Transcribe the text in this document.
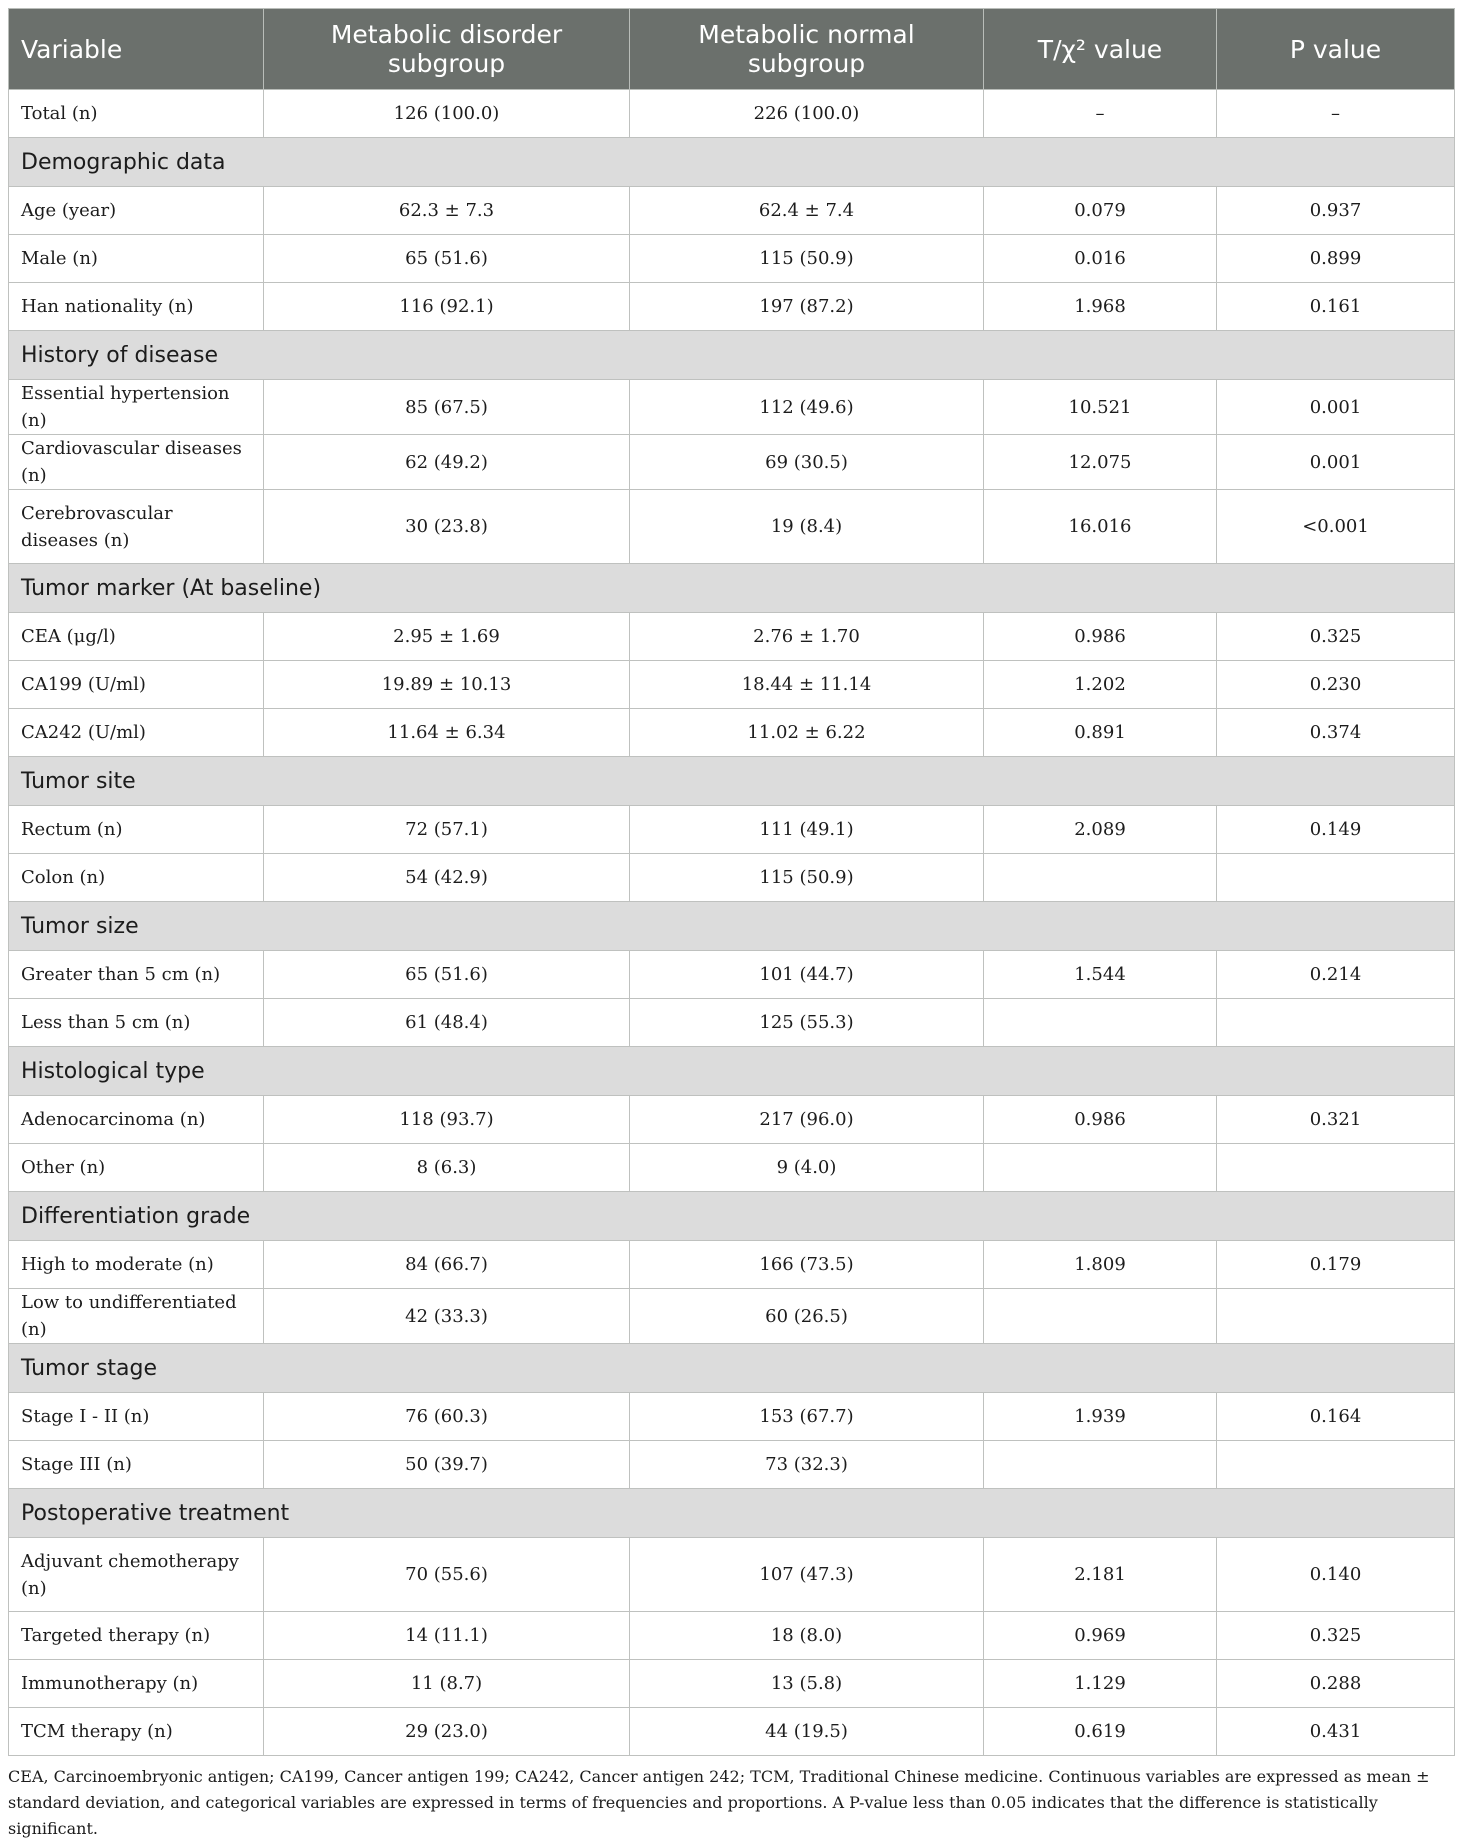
Variable	Metabolic disorder subgroup	Metabolic normal subgroup	T/χ² value	P value
Total (n)	126 (100.0)	226 (100.0)	–	–
Demographic data				
Age (year)	62.3 ± 7.3	62.4 ± 7.4	0.079	0.937
Male (n)	65 (51.6)	115 (50.9)	0.016	0.899
Han nationality (n)	116 (92.1)	197 (87.2)	1.968	0.161
History of disease				
Essential hypertension (n)	85 (67.5)	112 (49.6)	10.521	0.001
Cardiovascular diseases (n)	62 (49.2)	69 (30.5)	12.075	0.001
Cerebrovascular diseases (n)	30 (23.8)	19 (8.4)	16.016	<0.001
Tumor marker (At baseline)				
CEA (μg/l)	2.95 ± 1.69	2.76 ± 1.70	0.986	0.325
CA199 (U/ml)	19.89 ± 10.13	18.44 ± 11.14	1.202	0.230
CA242 (U/ml)	11.64 ± 6.34	11.02 ± 6.22	0.891	0.374
Tumor site				
Rectum (n)	72 (57.1)	111 (49.1)	2.089	0.149
Colon (n)	54 (42.9)	115 (50.9)		
Tumor size				
Greater than 5 cm (n)	65 (51.6)	101 (44.7)	1.544	0.214
Less than 5 cm (n)	61 (48.4)	125 (55.3)		
Histological type				
Adenocarcinoma (n)	118 (93.7)	217 (96.0)	0.986	0.321
Other (n)	8 (6.3)	9 (4.0)		
Differentiation grade				
High to moderate (n)	84 (66.7)	166 (73.5)	1.809	0.179
Low to undifferentiated (n)	42 (33.3)	60 (26.5)		
Tumor stage				
Stage I - II (n)	76 (60.3)	153 (67.7)	1.939	0.164
Stage III (n)	50 (39.7)	73 (32.3)		
Postoperative treatment				
Adjuvant chemotherapy (n)	70 (55.6)	107 (47.3)	2.181	0.140
Targeted therapy (n)	14 (11.1)	18 (8.0)	0.969	0.325
Immunotherapy (n)	11 (8.7)	13 (5.8)	1.129	0.288
TCM therapy (n)	29 (23.0)	44 (19.5)	0.619	0.431
CEA, Carcinoembryonic antigen; CA199, Cancer antigen 199; CA242, Cancer antigen 242; TCM, Traditional Chinese medicine. Continuous variables are expressed as mean ± standard deviation, and categorical variables are expressed in terms of frequencies and proportions. A P-value less than 0.05 indicates that the difference is statistically significant.
